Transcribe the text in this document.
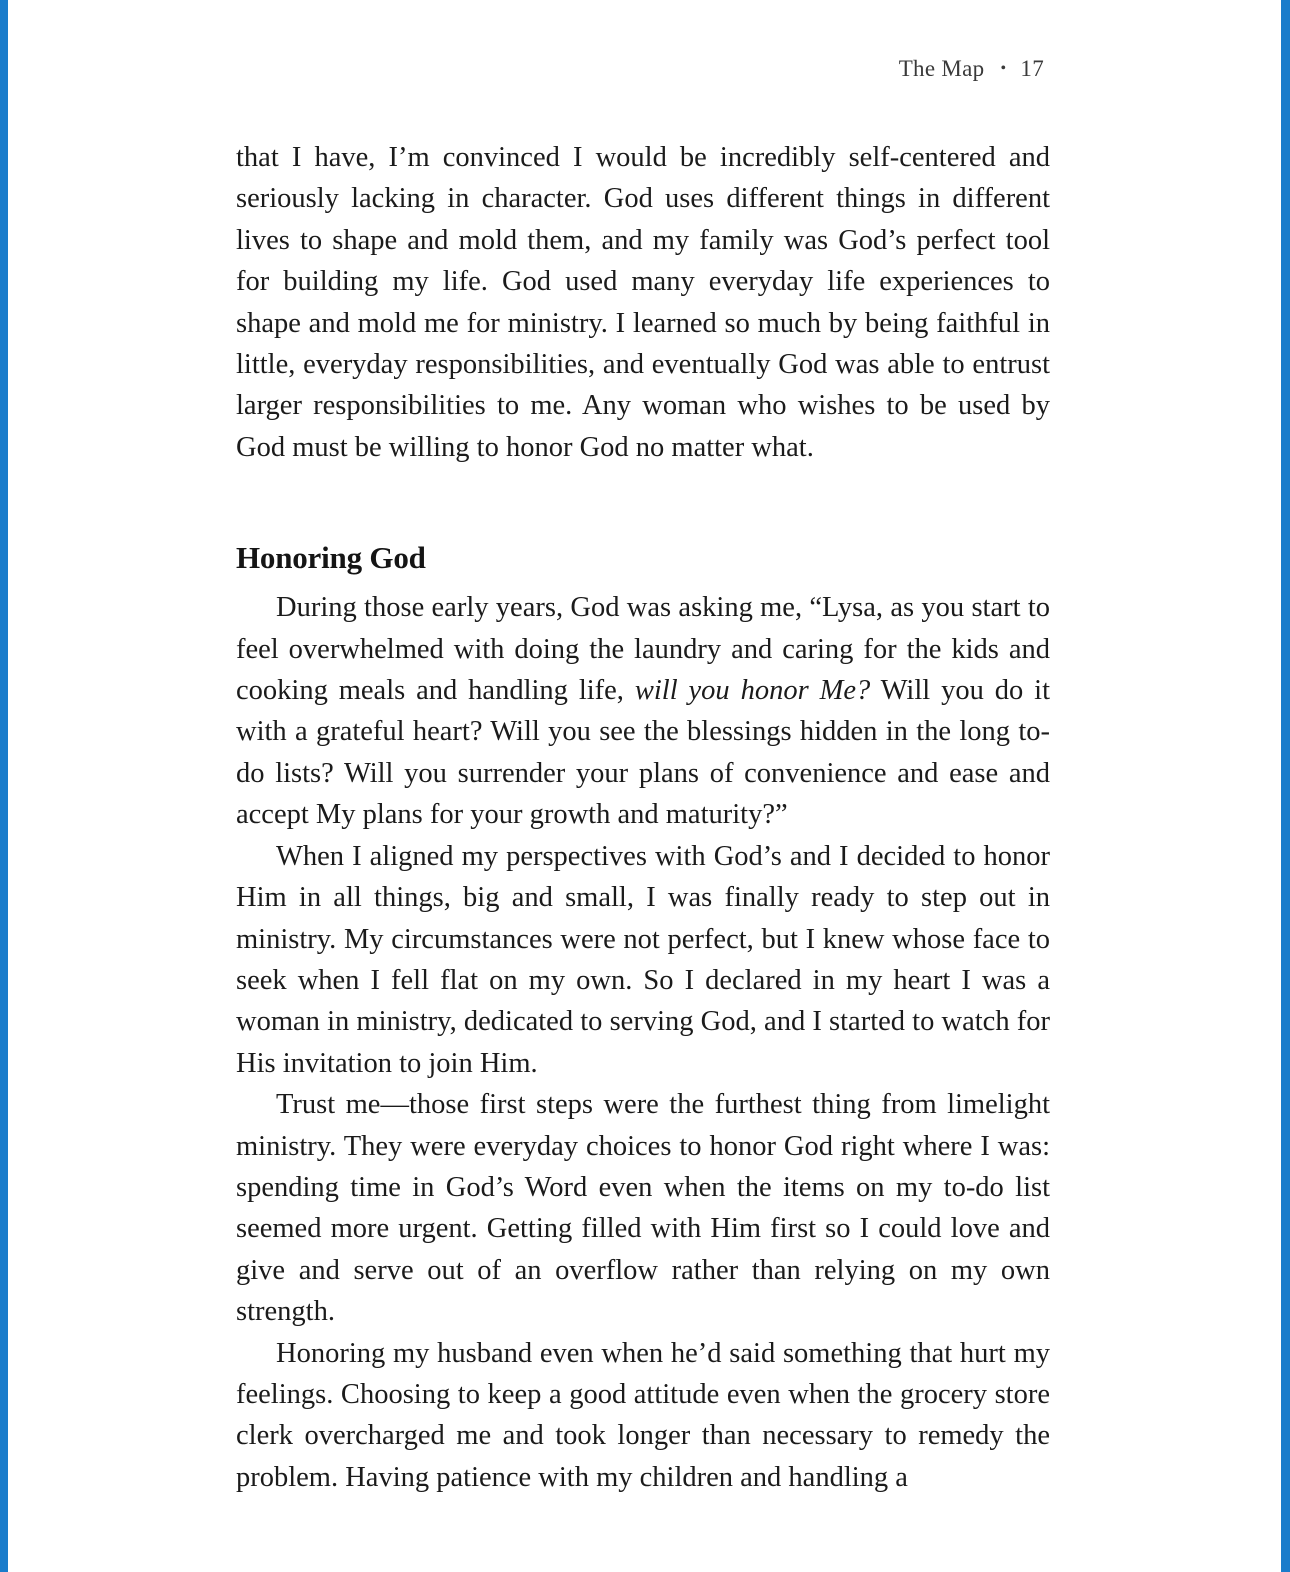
The Map • 17

that I have, I’m convinced I would be incredibly self-centered and seriously lacking in character. God uses different things in different lives to shape and mold them, and my family was God’s perfect tool for building my life. God used many everyday life experiences to shape and mold me for ministry. I learned so much by being faithful in little, everyday responsibilities, and eventually God was able to entrust larger responsibilities to me. Any woman who wishes to be used by God must be willing to honor God no matter what.

Honoring God

During those early years, God was asking me, “Lysa, as you start to feel overwhelmed with doing the laundry and caring for the kids and cooking meals and handling life, will you honor Me? Will you do it with a grateful heart? Will you see the blessings hidden in the long to-do lists? Will you surrender your plans of convenience and ease and accept My plans for your growth and maturity?”

When I aligned my perspectives with God’s and I decided to honor Him in all things, big and small, I was finally ready to step out in ministry. My circumstances were not perfect, but I knew whose face to seek when I fell flat on my own. So I declared in my heart I was a woman in ministry, dedicated to serving God, and I started to watch for His invitation to join Him.

Trust me—those first steps were the furthest thing from limelight ministry. They were everyday choices to honor God right where I was: spending time in God’s Word even when the items on my to-do list seemed more urgent. Getting filled with Him first so I could love and give and serve out of an overflow rather than relying on my own strength.

Honoring my husband even when he’d said something that hurt my feelings. Choosing to keep a good attitude even when the grocery store clerk overcharged me and took longer than necessary to remedy the problem. Having patience with my children and handling a
